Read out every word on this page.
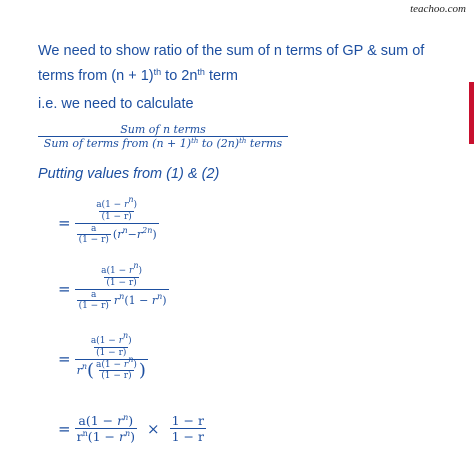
teachoo.com
We need to show ratio of the sum of n terms of GP & sum of
terms from $(n + 1)^{th}$ to $2n^{th}$ term
i.e. we need to calculate
$\frac{\text{Sum of n terms}}{Sum of terms from (n + 1)^{th} to (2n)^{th} terms}$
Putting values from (1) & (2)
= $\frac{\frac{a(1 - rn)}{(1 - r)}}{\frac{a}{(1 - r)} (r^n-r^{2n})}$
= $\frac{\frac{a(1 - rn)}{(1 - r)}}{\frac{a}{(1 - r)} r^n(1 - r^n)}$
=
$\frac{a(1 - rn)}{(1 - r)}$
$r^n$ ( $\frac{a(1 - rn)}{(1 - r)}$ )
= $\frac{a(1 - r^n)}{r^n(1 - r^n)} \times \frac{1 - r}{1 - r}$
